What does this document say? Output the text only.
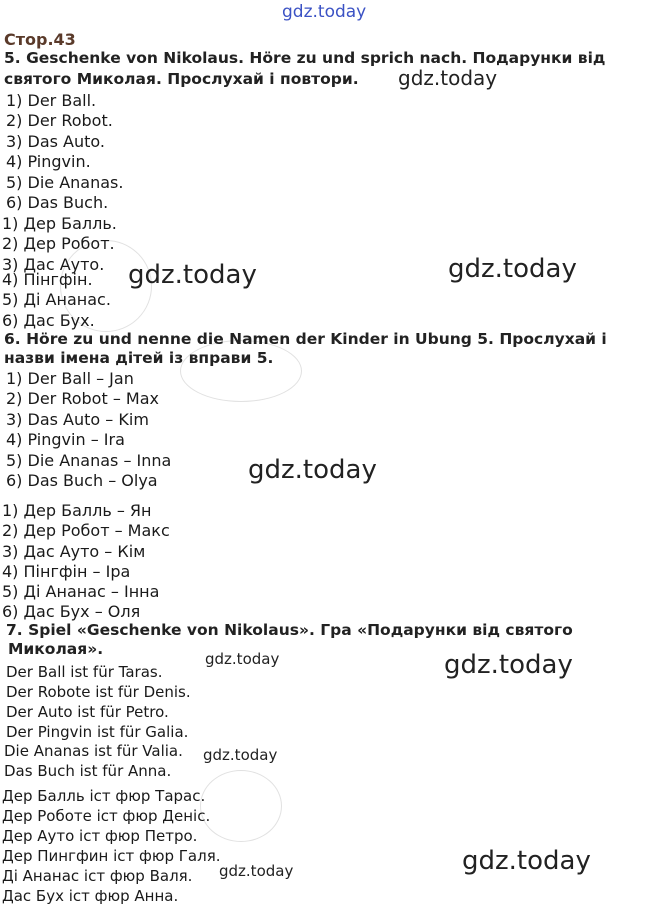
gdz.today
Стор.43
5. Geschenke von Nikolaus. Höre zu und sprich nach. Подарунки від
святого Миколая. Прослухай і повтори. gdz.today
1) Der Ball.
2) Der Robot.
3) Das Auto.
4) Pingvin.
5) Die Ananas.
6) Das Buch.
1) Дер Балль.
2) Дер Робот.
3) Дас Ауто.
4) Пінгфін.
5) Ді Ананас.
6) Дас Бух.
gdz.today	gdz.today
6. Höre zu und nenne die Namen der Kinder in Ubung 5. Прослухай і
назви імена дітей із вправи 5.
1) Der Ball – Jan
2) Der Robot – Max
3) Das Auto – Kim
4) Pingvin – Ira
5) Die Ananas – Inna
6) Das Buch – Olya	gdz.today
1) Дер Балль – Ян
2) Дер Робот – Макс
3) Дас Ауто – Кім
4) Пінгфін – Іра
5) Ді Ананас – Інна
6) Дас Бух – Оля
7. Spiel «Geschenke von Nikolaus». Гра «Подарунки від святого
Миколая».
gdz.today	gdz.today
Der Ball ist für Taras.
Der Robote ist für Denis.
Der Auto ist für Petro.
Der Pingvin ist für Galia.
Die Ananas ist für Valia.
Das Buch ist für Anna.
gdz.today
Дер Балль іст фюр Тарас.
Дер Роботе іст фюр Деніс.
Дер Ауто іст фюр Петро.
Дер Пингфин іст фюр Галя.
Ді Ананас іст фюр Валя.
Дас Бух іст фюр Анна.
gdz.today	gdz.today
